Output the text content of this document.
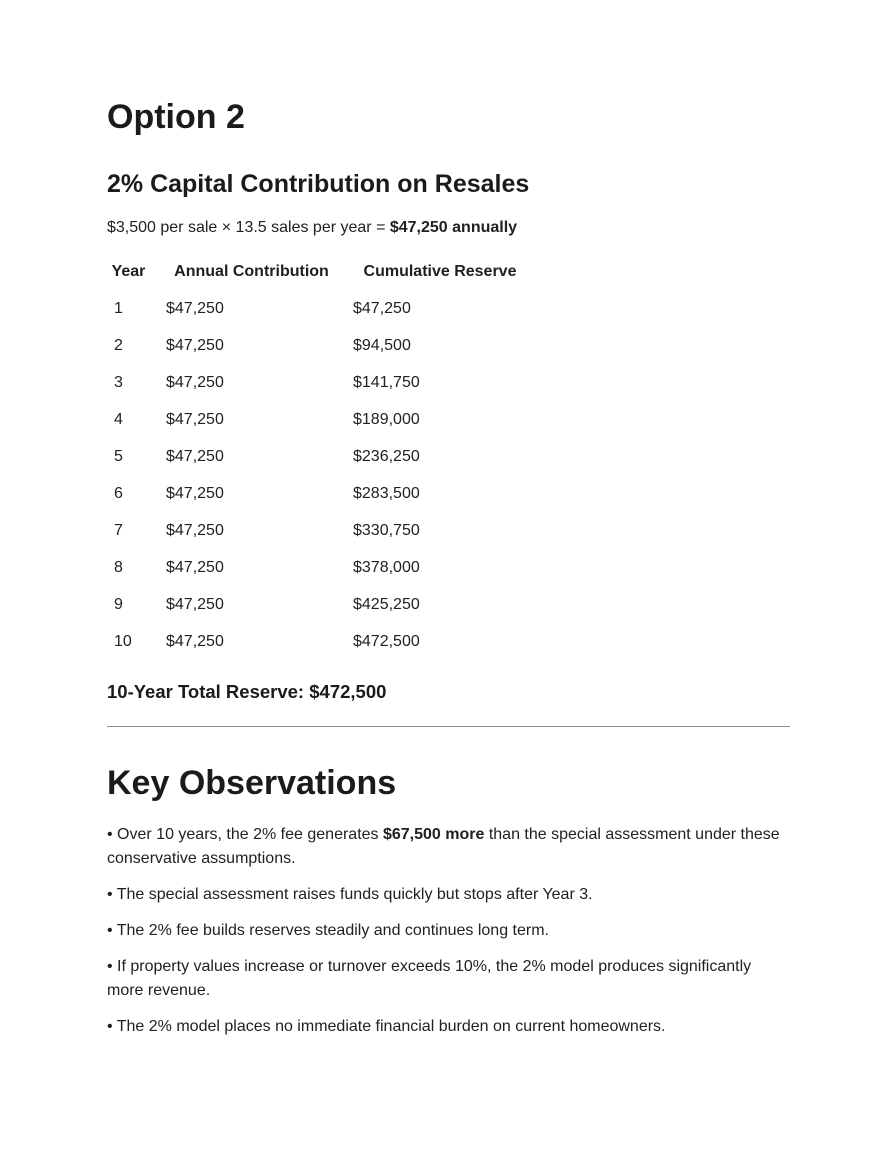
Option 2
2% Capital Contribution on Resales

$3,500 per sale × 13.5 sales per year = $47,250 annually

Year	Annual Contribution	Cumulative Reserve
1	$47,250	$47,250
2	$47,250	$94,500
3	$47,250	$141,750
4	$47,250	$189,000
5	$47,250	$236,250
6	$47,250	$283,500
7	$47,250	$330,750
8	$47,250	$378,000
9	$47,250	$425,250
10	$47,250	$472,500
10-Year Total Reserve: $472,500
Key Observations

• Over 10 years, the 2% fee generates $67,500 more than the special assessment under these conservative assumptions.

• The special assessment raises funds quickly but stops after Year 3.

• The 2% fee builds reserves steadily and continues long term.

• If property values increase or turnover exceeds 10%, the 2% model produces significantly more revenue.

• The 2% model places no immediate financial burden on current homeowners.
